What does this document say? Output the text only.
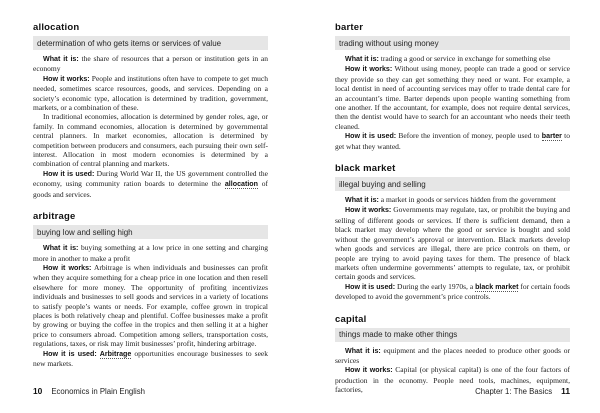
allocation
determination of who gets items or services of value

What it is: the share of resources that a person or institution gets in an economy

How it works: People and institutions often have to compete to get much needed, sometimes scarce resources, goods, and services. Depending on a society’s economic type, allocation is determined by tradition, government, markets, or a combination of these.

In traditional economies, allocation is determined by gender roles, age, or family. In command economies, allocation is determined by governmental central planners. In market economies, allocation is determined by competition between producers and consumers, each pursuing their own self-interest. Allocation in most modern economies is determined by a combination of central planning and markets.

How it is used: During World War II, the US government controlled the economy, using community ration boards to determine the allocation of goods and services.

arbitrage
buying low and selling high

What it is: buying something at a low price in one setting and charging more in another to make a profit

How it works: Arbitrage is when individuals and businesses can profit when they acquire something for a cheap price in one location and then resell elsewhere for more money. The opportunity of profiting incentivizes individuals and businesses to sell goods and services in a variety of locations to satisfy people’s wants or needs. For example, coffee grown in tropical places is both relatively cheap and plentiful. Coffee businesses make a profit by growing or buying the coffee in the tropics and then selling it at a higher price to consumers abroad. Competition among sellers, transportation costs, regulations, taxes, or risk may limit businesses’ profit, hindering arbitrage.

How it is used: Arbitrage opportunities encourage businesses to seek new markets.

10 Economics in Plain English
barter
trading without using money

What it is: trading a good or service in exchange for something else

How it works: Without using money, people can trade a good or service they provide so they can get something they need or want. For example, a local dentist in need of accounting services may offer to trade dental care for an accountant’s time. Barter depends upon people wanting something from one another. If the accountant, for example, does not require dental services, then the dentist would have to search for an accountant who needs their teeth cleaned.

How it is used: Before the invention of money, people used to barter to get what they wanted.

black market
illegal buying and selling

What it is: a market in goods or services hidden from the government

How it works: Governments may regulate, tax, or prohibit the buying and selling of different goods or services. If there is sufficient demand, then a black market may develop where the good or service is bought and sold without the government’s approval or intervention. Black markets develop when goods and services are illegal, there are price controls on them, or people are trying to avoid paying taxes for them. The presence of black markets often undermine governments’ attempts to regulate, tax, or prohibit certain goods and services.

How it is used: During the early 1970s, a black market for certain foods developed to avoid the government’s price controls.

capital
things made to make other things

What it is: equipment and the places needed to produce other goods or services

How it works: Capital (or physical capital) is one of the four factors of production in the economy. People need tools, machines, equipment, factories,	Chapter 1: The Basics 11
